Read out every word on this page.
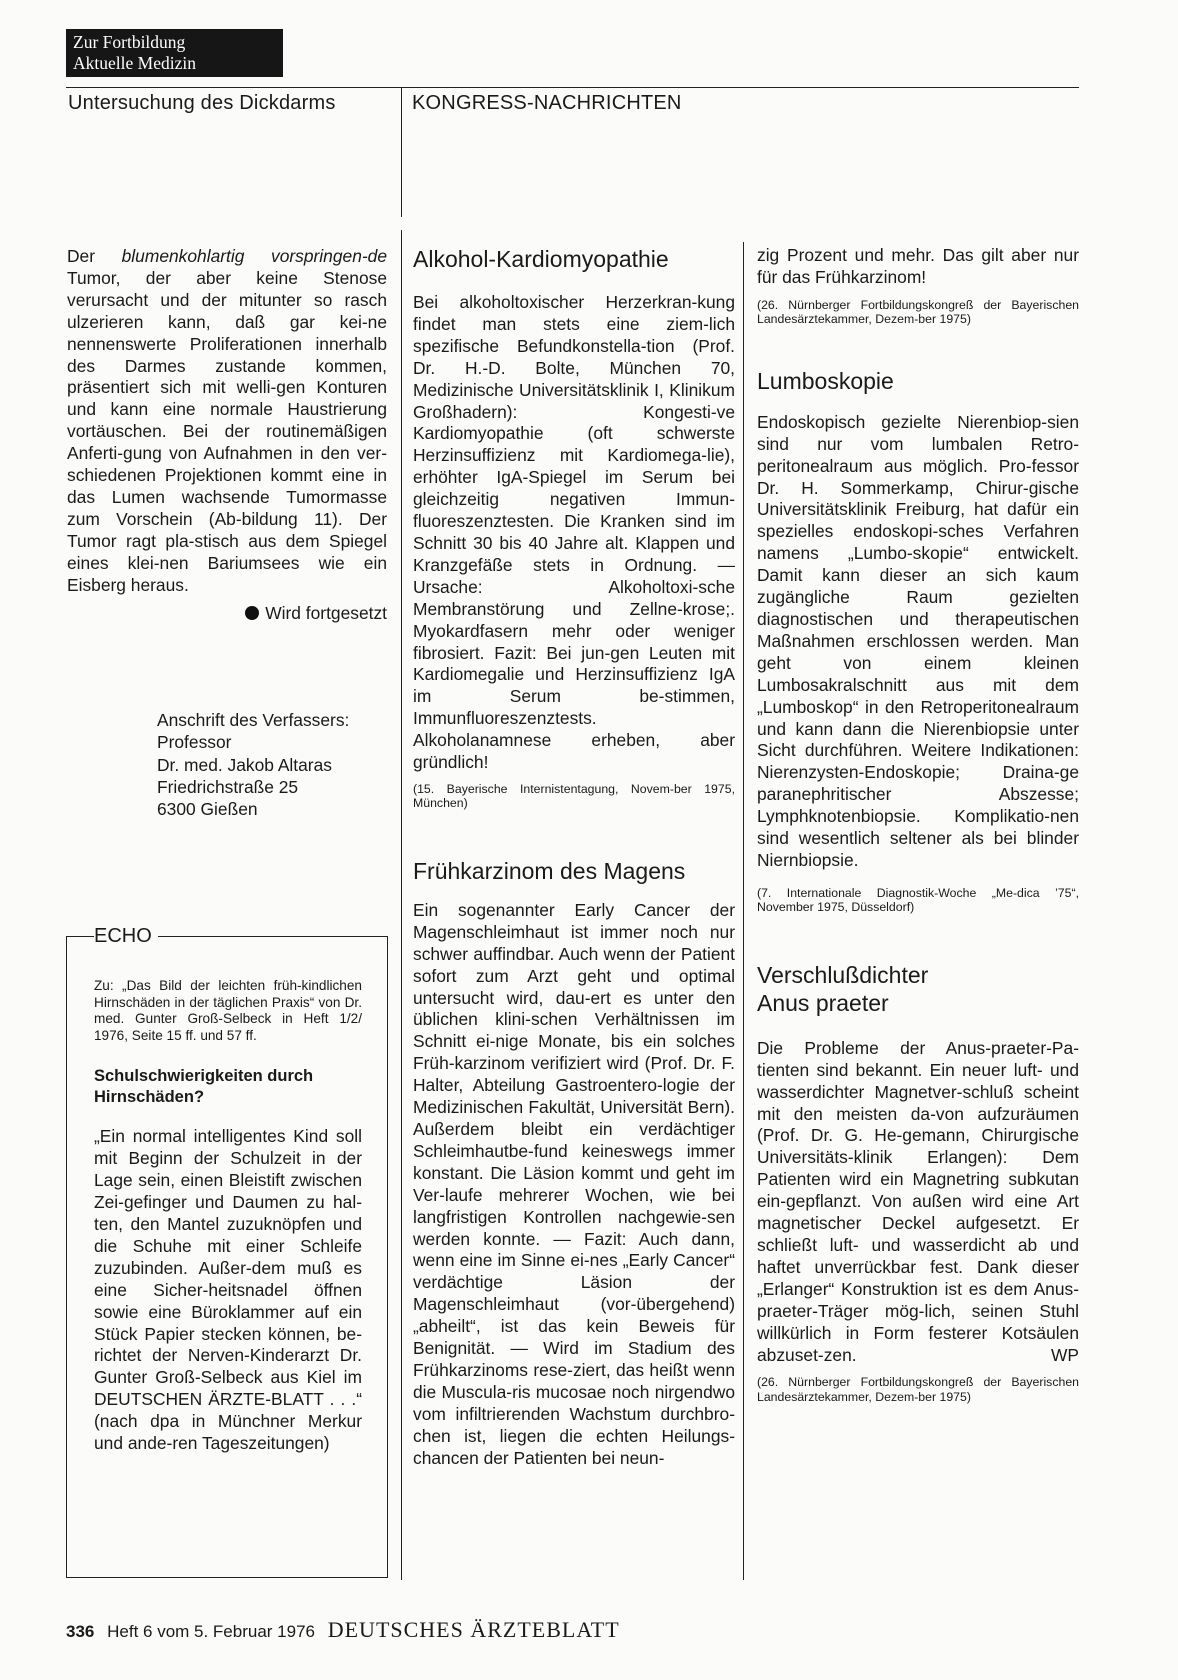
Zur Fortbildung
Aktuelle Medizin
Untersuchung des Dickdarms	KONGRESS-NACHRICHTEN

Der blumenkohlartig vorspringen-de Tumor, der aber keine Stenose verursacht und der mitunter so rasch ulzerieren kann, daß gar kei-ne nennenswerte Proliferationen innerhalb des Darmes zustande kommen, präsentiert sich mit welli-gen Konturen und kann eine normale Haustrierung vortäuschen. Bei der routinemäßigen Anferti-gung von Aufnahmen in den ver-schiedenen Projektionen kommt eine in das Lumen wachsende Tumormasse zum Vorschein (Ab-bildung 11). Der Tumor ragt pla-stisch aus dem Spiegel eines klei-nen Bariumsees wie ein Eisberg heraus.

Wird fortgesetzt

Anschrift des Verfassers:
Professor
Dr. med. Jakob Altaras
Friedrichstraße 25
6300 Gießen
ECHO

Zu: „Das Bild der leichten früh-kindlichen Hirnschäden in der täglichen Praxis“ von Dr. med. Gunter Groß-Selbeck in Heft 1/2/ 1976, Seite 15 ff. und 57 ff.

Schulschwierigkeiten durch Hirnschäden?

„Ein normal intelligentes Kind soll mit Beginn der Schulzeit in der Lage sein, einen Bleistift zwischen Zei-gefinger und Daumen zu hal-ten, den Mantel zuzuknöpfen und die Schuhe mit einer Schleife zuzubinden. Außer-dem muß es eine Sicher-heitsnadel öffnen sowie eine Büroklammer auf ein Stück Papier stecken können, be-richtet der Nerven-Kinderarzt Dr. Gunter Groß-Selbeck aus Kiel im DEUTSCHEN ÄRZTE-BLATT . . .“ (nach dpa in Münchner Merkur und ande-ren Tageszeitungen)

Alkohol-Kardiomyopathie

Bei alkoholtoxischer Herzerkran-kung findet man stets eine ziem-lich spezifische Befundkonstella-tion (Prof. Dr. H.-D. Bolte, München 70, Medizinische Universitätsklinik I, Klinikum Großhadern): Kongesti-ve Kardiomyopathie (oft schwerste Herzinsuffizienz mit Kardiomega-lie), erhöhter IgA-Spiegel im Serum bei gleichzeitig negativen Immun-fluoreszenztesten. Die Kranken sind im Schnitt 30 bis 40 Jahre alt. Klappen und Kranzgefäße stets in Ordnung. — Ursache: Alkoholtoxi-sche Membranstörung und Zellne-krose;. Myokardfasern mehr oder weniger fibrosiert. Fazit: Bei jun-gen Leuten mit Kardiomegalie und Herzinsuffizienz IgA im Serum be-stimmen, Immunfluoreszenztests. Alkoholanamnese erheben, aber gründlich!

(15. Bayerische Internistentagung, Novem-ber 1975, München)

Frühkarzinom des Magens

Ein sogenannter Early Cancer der Magenschleimhaut ist immer noch nur schwer auffindbar. Auch wenn der Patient sofort zum Arzt geht und optimal untersucht wird, dau-ert es unter den üblichen klini-schen Verhältnissen im Schnitt ei-nige Monate, bis ein solches Früh-karzinom verifiziert wird (Prof. Dr. F. Halter, Abteilung Gastroentero-logie der Medizinischen Fakultät, Universität Bern). Außerdem bleibt ein verdächtiger Schleimhautbe-fund keineswegs immer konstant. Die Läsion kommt und geht im Ver-laufe mehrerer Wochen, wie bei langfristigen Kontrollen nachgewie-sen werden konnte. — Fazit: Auch dann, wenn eine im Sinne ei-nes „Early Cancer“ verdächtige Läsion der Magenschleimhaut (vor-übergehend) „abheilt“, ist das kein Beweis für Benignität. — Wird im Stadium des Frühkarzinoms rese-ziert, das heißt wenn die Muscula-ris mucosae noch nirgendwo vom infiltrierenden Wachstum durchbro-chen ist, liegen die echten Heilungs-chancen der Patienten bei neun-

zig Prozent und mehr. Das gilt aber nur für das Frühkarzinom!

(26. Nürnberger Fortbildungskongreß der Bayerischen Landesärztekammer, Dezem-ber 1975)

Lumboskopie

Endoskopisch gezielte Nierenbiop-sien sind nur vom lumbalen Retro-peritonealraum aus möglich. Pro-fessor Dr. H. Sommerkamp, Chirur-gische Universitätsklinik Freiburg, hat dafür ein spezielles endoskopi-sches Verfahren namens „Lumbo-skopie“ entwickelt. Damit kann dieser an sich kaum zugängliche Raum gezielten diagnostischen und therapeutischen Maßnahmen erschlossen werden. Man geht von einem kleinen Lumbosakralschnitt aus mit dem „Lumboskop“ in den Retroperitonealraum und kann dann die Nierenbiopsie unter Sicht durchführen. Weitere Indikationen: Nierenzysten-Endoskopie; Draina-ge paranephritischer Abszesse; Lymphknotenbiopsie. Komplikatio-nen sind wesentlich seltener als bei blinder Niernbiopsie.

(7. Internationale Diagnostik-Woche „Me-dica ’75“, November 1975, Düsseldorf)

Verschlußdichter
Anus praeter

Die Probleme der Anus-praeter-Pa-tienten sind bekannt. Ein neuer luft- und wasserdichter Magnetver-schluß scheint mit den meisten da-von aufzuräumen (Prof. Dr. G. He-gemann, Chirurgische Universitäts-klinik Erlangen): Dem Patienten wird ein Magnetring subkutan ein-gepflanzt. Von außen wird eine Art magnetischer Deckel aufgesetzt. Er schließt luft- und wasserdicht ab und haftet unverrückbar fest. Dank dieser „Erlanger“ Konstruktion ist es dem Anus-praeter-Träger mög-lich, seinen Stuhl willkürlich in Form festerer Kotsäulen abzuset-zen.	WP

(26. Nürnberger Fortbildungskongreß der Bayerischen Landesärztekammer, Dezem-ber 1975)

336 Heft 6 vom 5. Februar 1976 DEUTSCHES ÄRZTEBLATT
